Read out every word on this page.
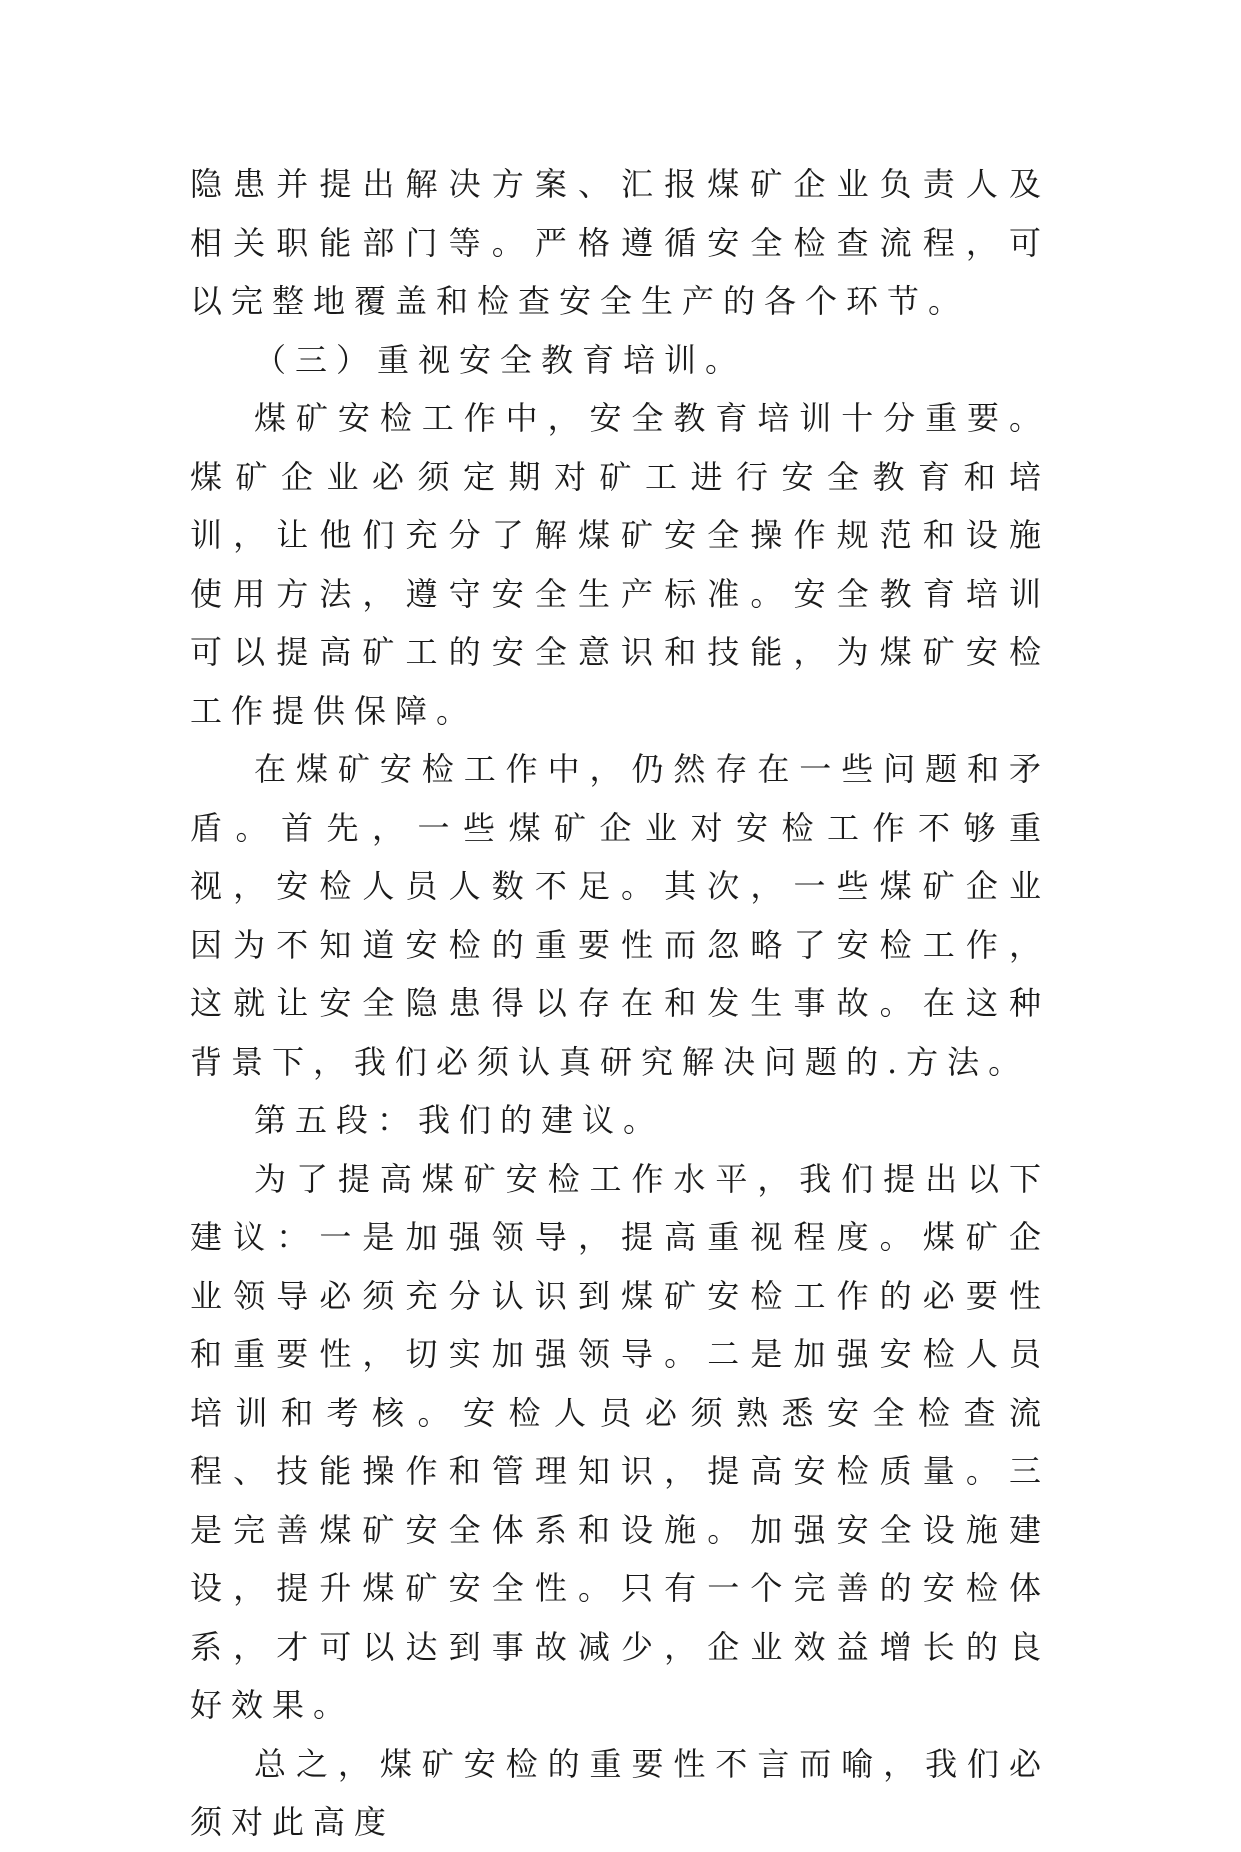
隐患并提出解决方案、汇报煤矿企业负责人及相关职能部门等。严格遵循安全检查流程，可以完整地覆盖和检查安全生产的各个环节。

（三）重视安全教育培训。

煤矿安检工作中，安全教育培训十分重要。煤矿企业必须定期对矿工进行安全教育和培训，让他们充分了解煤矿安全操作规范和设施使用方法，遵守安全生产标准。安全教育培训可以提高矿工的安全意识和技能，为煤矿安检工作提供保障。

在煤矿安检工作中，仍然存在一些问题和矛盾。首先，一些煤矿企业对安检工作不够重视，安检人员人数不足。其次，一些煤矿企业因为不知道安检的重要性而忽略了安检工作，这就让安全隐患得以存在和发生事故。在这种背景下，我们必须认真研究解决问题的.方法。

第五段：我们的建议。

为了提高煤矿安检工作水平，我们提出以下建议：一是加强领导，提高重视程度。煤矿企业领导必须充分认识到煤矿安检工作的必要性和重要性，切实加强领导。二是加强安检人员培训和考核。安检人员必须熟悉安全检查流程、技能操作和管理知识，提高安检质量。三是完善煤矿安全体系和设施。加强安全设施建设，提升煤矿安全性。只有一个完善的安检体系，才可以达到事故减少，企业效益增长的良好效果。

总之，煤矿安检的重要性不言而喻，我们必须对此高度
